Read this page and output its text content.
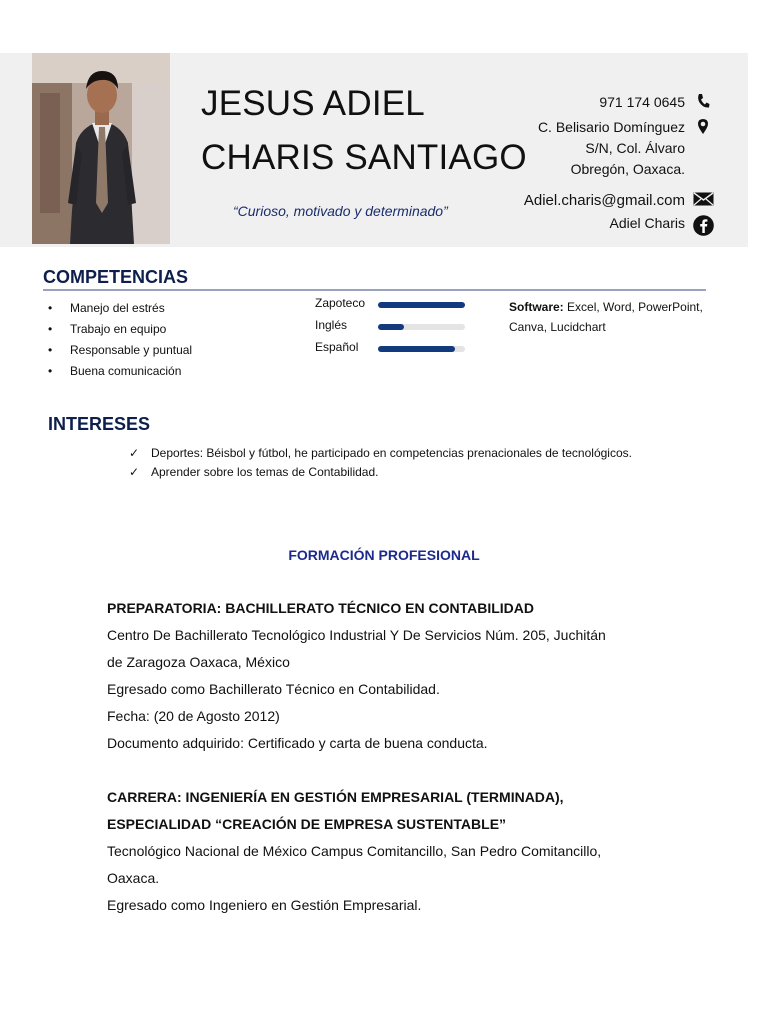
JESUS ADIEL
CHARIS SANTIAGO
“Curioso, motivado y determinado”
971 174 0645
C. Belisario Domínguez
S/N, Col. Álvaro
Obregón, Oaxaca.
Adiel.charis@gmail.com
Adiel Charis
COMPETENCIAS
• Manejo del estrés
• Trabajo en equipo
• Responsable y puntual
• Buena comunicación
Zapoteco
Inglés
Español
Software: Excel, Word, PowerPoint, Canva, Lucidchart
INTERESES
✓ Deportes: Béisbol y fútbol, he participado en competencias prenacionales de tecnológicos.
✓ Aprender sobre los temas de Contabilidad.
FORMACIÓN PROFESIONAL
PREPARATORIA: BACHILLERATO TÉCNICO EN CONTABILIDAD
Centro De Bachillerato Tecnológico Industrial Y De Servicios Núm. 205, Juchitán
de Zaragoza Oaxaca, México
Egresado como Bachillerato Técnico en Contabilidad.
Fecha: (20 de Agosto 2012)
Documento adquirido: Certificado y carta de buena conducta.
CARRERA: INGENIERÍA EN GESTIÓN EMPRESARIAL (TERMINADA),
ESPECIALIDAD “CREACIÓN DE EMPRESA SUSTENTABLE”
Tecnológico Nacional de México Campus Comitancillo, San Pedro Comitancillo,
Oaxaca.
Egresado como Ingeniero en Gestión Empresarial.
